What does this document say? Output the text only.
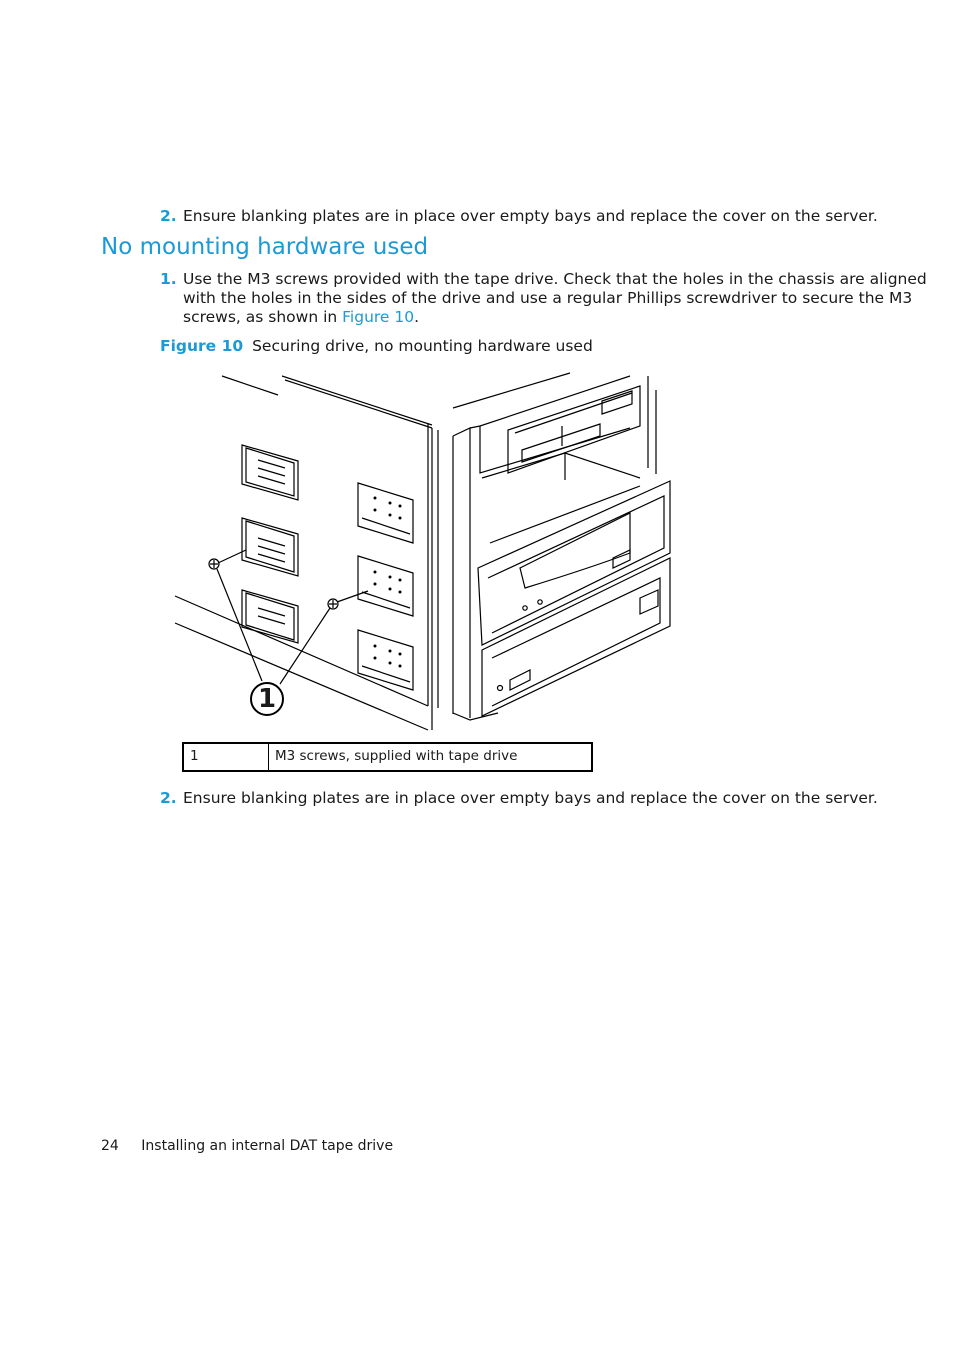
2. Ensure blanking plates are in place over empty bays and replace the cover on the server.
No mounting hardware used
1. Use the M3 screws provided with the tape drive. Check that the holes in the chassis are aligned
with the holes in the sides of the drive and use a regular Phillips screwdriver to secure the M3
screws, as shown in Figure 10.
Figure 10 Securing drive, no mounting hardware used
1
1	M3 screws, supplied with tape drive
2. Ensure blanking plates are in place over empty bays and replace the cover on the server.
24 Installing an internal DAT tape drive
